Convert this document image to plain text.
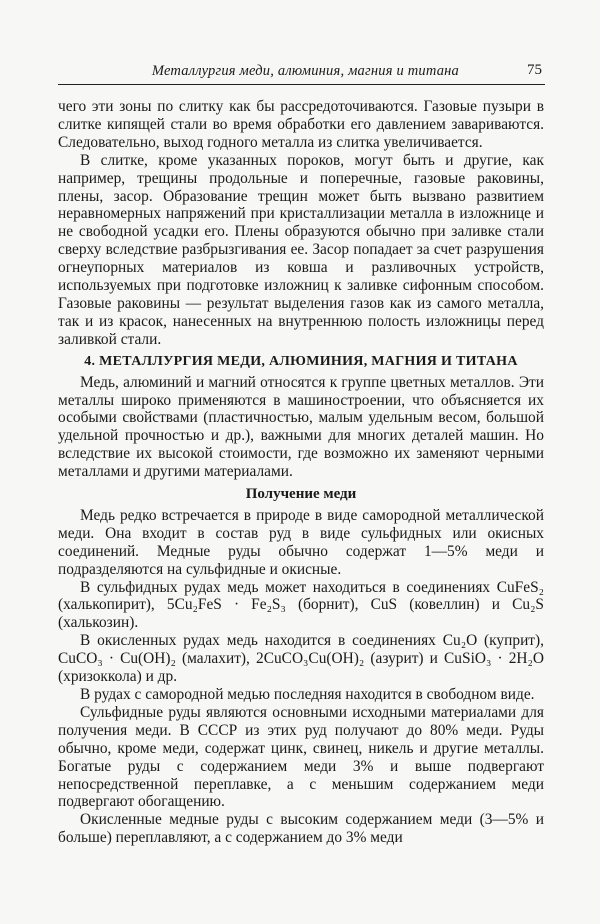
Металлургия меди, алюминия, магния и титана	75

чего эти зоны по слитку как бы рассредоточиваются. Газовые пузыри в слитке кипящей стали во время обработки его давлением завариваются. Следовательно, выход годного металла из слитка увеличивается.

В слитке, кроме указанных пороков, могут быть и другие, как например, трещины продольные и поперечные, газовые раковины, плены, засор. Образование трещин может быть вызвано развитием неравномерных напряжений при кристаллизации металла в изложнице и не свободной усадки его. Плены образуются обычно при заливке стали сверху вследствие разбрызгивания ее. Засор попадает за счет разрушения огнеупорных материалов из ковша и разливочных устройств, используемых при подготовке изложниц к заливке сифонным способом. Газовые раковины — результат выделения газов как из самого металла, так и из красок, нанесенных на внутреннюю полость изложницы перед заливкой стали.

4. МЕТАЛЛУРГИЯ МЕДИ, АЛЮМИНИЯ, МАГНИЯ И ТИТАНА

Медь, алюминий и магний относятся к группе цветных металлов. Эти металлы широко применяются в машиностроении, что объясняется их особыми свойствами (пластичностью, малым удельным весом, большой удельной прочностью и др.), важными для многих деталей машин. Но вследствие их высокой стоимости, где возможно их заменяют черными металлами и другими материалами.

Получение меди

Медь редко встречается в природе в виде самородной металлической меди. Она входит в состав руд в виде сульфидных или окисных соединений. Медные руды обычно содержат 1—5% меди и подразделяются на сульфидные и окисные.

В сульфидных рудах медь может находиться в соединениях CuFeS₂ (халькопирит), 5Cu₂FeS · Fe₂S₃ (борнит), CuS (ковеллин) и Cu₂S (халькозин).

В окисленных рудах медь находится в соединениях Cu₂O (куприт), CuCO₃ · Cu(OH)₂ (малахит), 2CuCO₃Cu(OH)₂ (азурит) и CuSiO₃ · 2H₂O (хризоккола) и др.

В рудах с самородной медью последняя находится в свободном виде.

Сульфидные руды являются основными исходными материалами для получения меди. В СССР из этих руд получают до 80% меди. Руды обычно, кроме меди, содержат цинк, свинец, никель и другие металлы. Богатые руды с содержанием меди 3% и выше подвергают непосредственной переплавке, а с меньшим содержанием меди подвергают обогащению.

Окисленные медные руды с высоким содержанием меди (3—5% и больше) переплавляют, а с содержанием до 3% меди
